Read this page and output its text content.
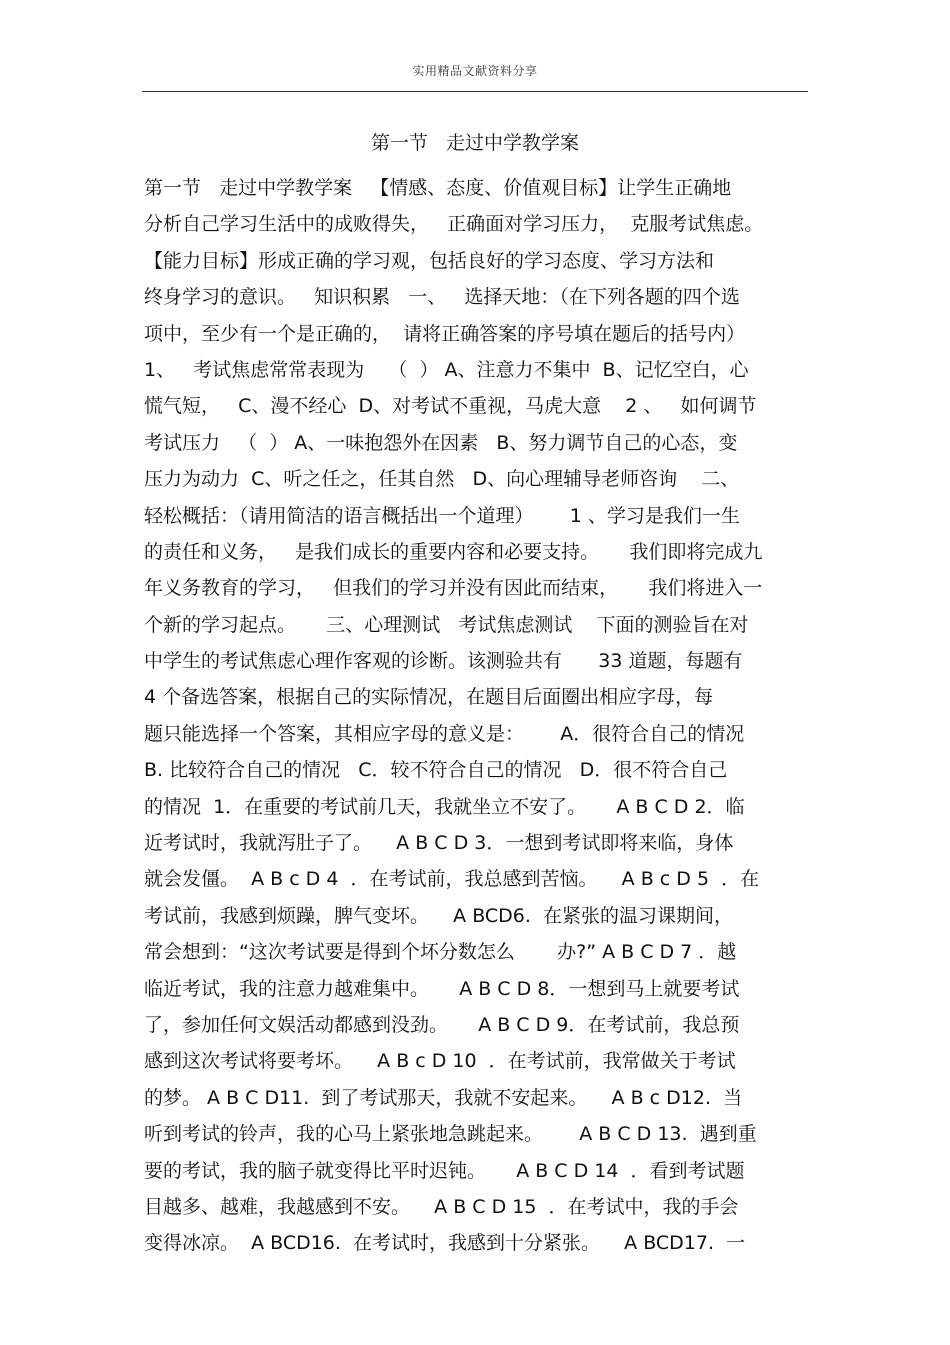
实用精品文献资料分享
第一节   走过中学教学案
第一节   走过中学教学案   【情感、态度、价值观目标】让学生正确地
分析自己学习生活中的成败得失，   正确面对学习压力，  克服考试焦虑。
【能力目标】形成正确的学习观，包括良好的学习态度、学习方法和
终身学习的意识。   知识积累   一、   选择天地：（在下列各题的四个选
项中，至少有一个是正确的，  请将正确答案的序号填在题后的括号内）
1、   考试焦虑常常表现为    （  ） A、注意力不集中  B、记忆空白，心
慌气短，   C、漫不经心  D、对考试不重视，马虎大意    2 、   如何调节
考试压力   （  ） A、一味抱怨外在因素   B、努力调节自己的心态，变
压力为动力  C、听之任之，任其自然   D、向心理辅导老师咨询    二、
轻松概括：（请用简洁的语言概括出一个道理）      1 、学习是我们一生
的责任和义务，   是我们成长的重要内容和必要支持。     我们即将完成九
年义务教育的学习，   但我们的学习并没有因此而结束，     我们将进入一
个新的学习起点。     三、心理测试   考试焦虑测试    下面的测验旨在对
中学生的考试焦虑心理作客观的诊断。该测验共有      33 道题，每题有
4 个备选答案，根据自己的实际情况，在题目后面圈出相应字母，每
题只能选择一个答案，其相应字母的意义是：      A．很符合自己的情况
B. 比较符合自己的情况   C．较不符合自己的情况   D．很不符合自己
的情况  1．在重要的考试前几天，我就坐立不安了。     A B C D 2．临
近考试时，我就泻肚子了。    A B C D 3．一想到考试即将来临，身体
就会发僵。  A B c D 4  ．在考试前，我总感到苦恼。    A B c D 5  ．在
考试前，我感到烦躁，脾气变坏。    A BCD6.  在紧张的温习课期间，
常会想到：“这次考试要是得到个坏分数怎么       办?” A B C D 7 ．越
临近考试，我的注意力越难集中。     A B C D 8．一想到马上就要考试
了，参加任何文娱活动都感到没劲。     A B C D 9．在考试前，我总预
感到这次考试将要考坏。    A B c D 10  ．在考试前，我常做关于考试
的梦。 A B C D11.  到了考试那天，我就不安起来。    A B c D12.  当
听到考试的铃声，我的心马上紧张地急跳起来。      A B C D 13.  遇到重
要的考试，我的脑子就变得比平时迟钝。     A B C D 14  ．看到考试题
目越多、越难，我越感到不安。    A B C D 15  ．在考试中，我的手会
变得冰凉。  A BCD16.  在考试时，我感到十分紧张。    A BCD17.  一
